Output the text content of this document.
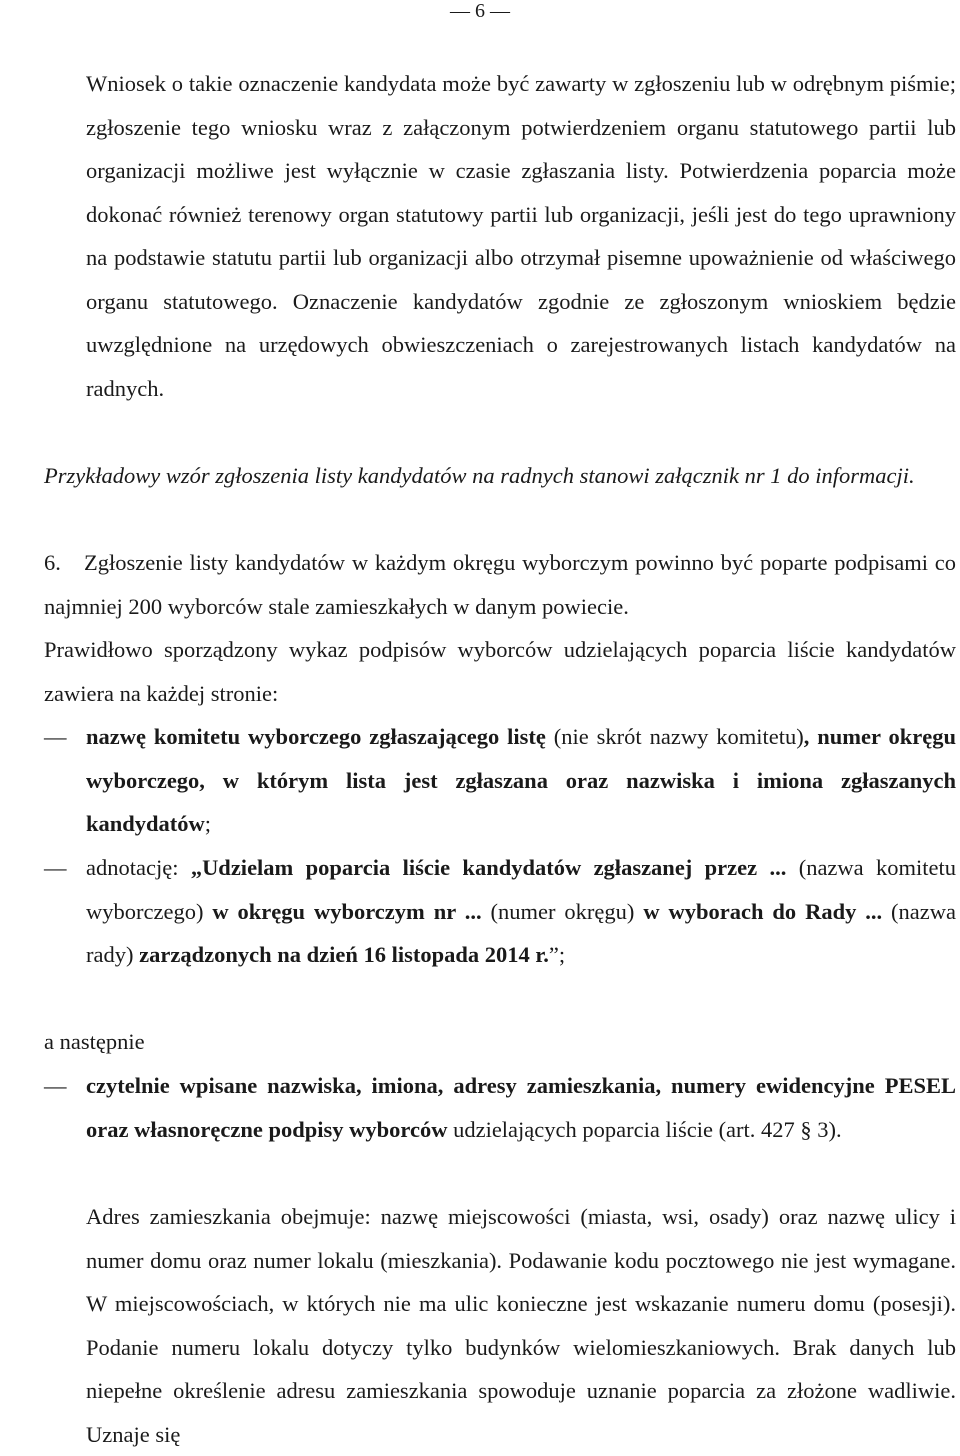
— 6 —
Wniosek o takie oznaczenie kandydata może być zawarty w zgłoszeniu lub w odrębnym piśmie; zgłoszenie tego wniosku wraz z załączonym potwierdzeniem organu statutowego partii lub organizacji możliwe jest wyłącznie w czasie zgłaszania listy. Potwierdzenia poparcia może dokonać również terenowy organ statutowy partii lub organizacji, jeśli jest do tego uprawniony na podstawie statutu partii lub organizacji albo otrzymał pisemne upoważnienie od właściwego organu statutowego. Oznaczenie kandydatów zgodnie ze zgłoszonym wnioskiem będzie uwzględnione na urzędowych obwieszczeniach o zarejestrowanych listach kandydatów na radnych.
Przykładowy wzór zgłoszenia listy kandydatów na radnych stanowi załącznik nr 1 do informacji.
6. Zgłoszenie listy kandydatów w każdym okręgu wyborczym powinno być poparte podpisami co najmniej 200 wyborców stale zamieszkałych w danym powiecie.
Prawidłowo sporządzony wykaz podpisów wyborców udzielających poparcia liście kandydatów zawiera na każdej stronie:
— nazwę komitetu wyborczego zgłaszającego listę (nie skrót nazwy komitetu), numer okręgu wyborczego, w którym lista jest zgłaszana oraz nazwiska i imiona zgłaszanych kandydatów;
— adnotację: „Udzielam poparcia liście kandydatów zgłaszanej przez ... (nazwa komitetu wyborczego) w okręgu wyborczym nr ... (numer okręgu) w wyborach do Rady ... (nazwa rady) zarządzonych na dzień 16 listopada 2014 r.”;
a następnie
— czytelnie wpisane nazwiska, imiona, adresy zamieszkania, numery ewidencyjne PESEL oraz własnoręczne podpisy wyborców udzielających poparcia liście (art. 427 § 3).
Adres zamieszkania obejmuje: nazwę miejscowości (miasta, wsi, osady) oraz nazwę ulicy i numer domu oraz numer lokalu (mieszkania). Podawanie kodu pocztowego nie jest wymagane. W miejscowościach, w których nie ma ulic konieczne jest wskazanie numeru domu (posesji). Podanie numeru lokalu dotyczy tylko budynków wielomieszkaniowych. Brak danych lub niepełne określenie adresu zamieszkania spowoduje uznanie poparcia za złożone wadliwie. Uznaje się
